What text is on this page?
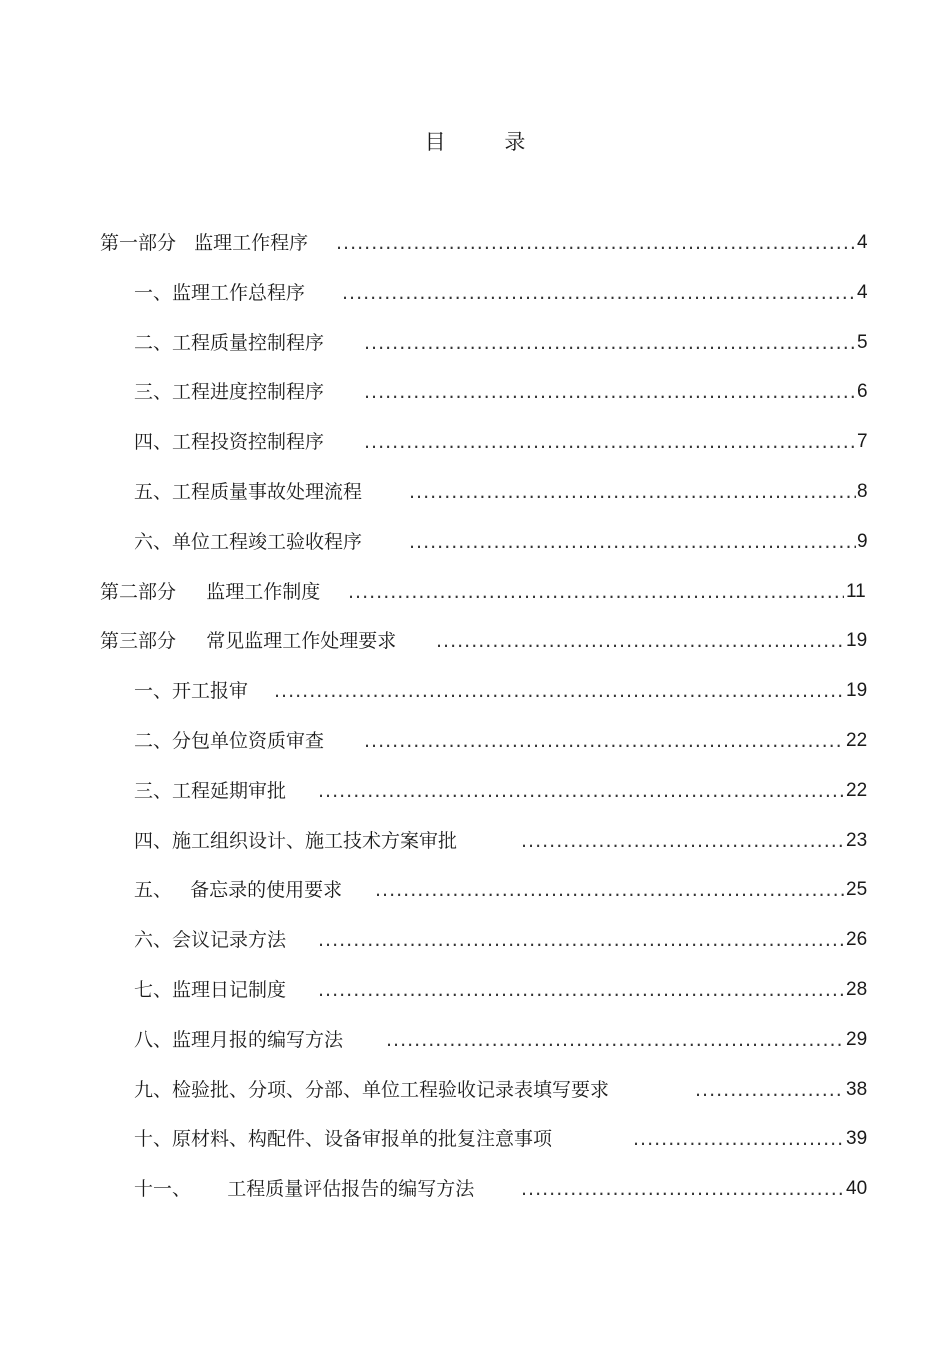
目 录
第一部分   监理工作程序 .....	4
一、监理工作总程序 .....	4
二、工程质量控制程序 .....	5
三、工程进度控制程序 .....	6
四、工程投资控制程序 .....	7
五、工程质量事故处理流程 .....	8
六、单位工程竣工验收程序 .....	9
第二部分     监理工作制度 .....	11
第三部分     常见监理工作处理要求 .....	19
一、开工报审 .....	19
二、分包单位资质审查 .....	22
三、工程延期审批 .....	22
四、施工组织设计、施工技术方案审批 .....	23
五、   备忘录的使用要求 .....	25
六、会议记录方法 .....	26
七、监理日记制度 .....	28
八、监理月报的编写方法 .....	29
九、检验批、分项、分部、单位工程验收记录表填写要求 .....	38
十、原材料、构配件、设备审报单的批复注意事项 .....	39
十一、      工程质量评估报告的编写方法 .....	40
